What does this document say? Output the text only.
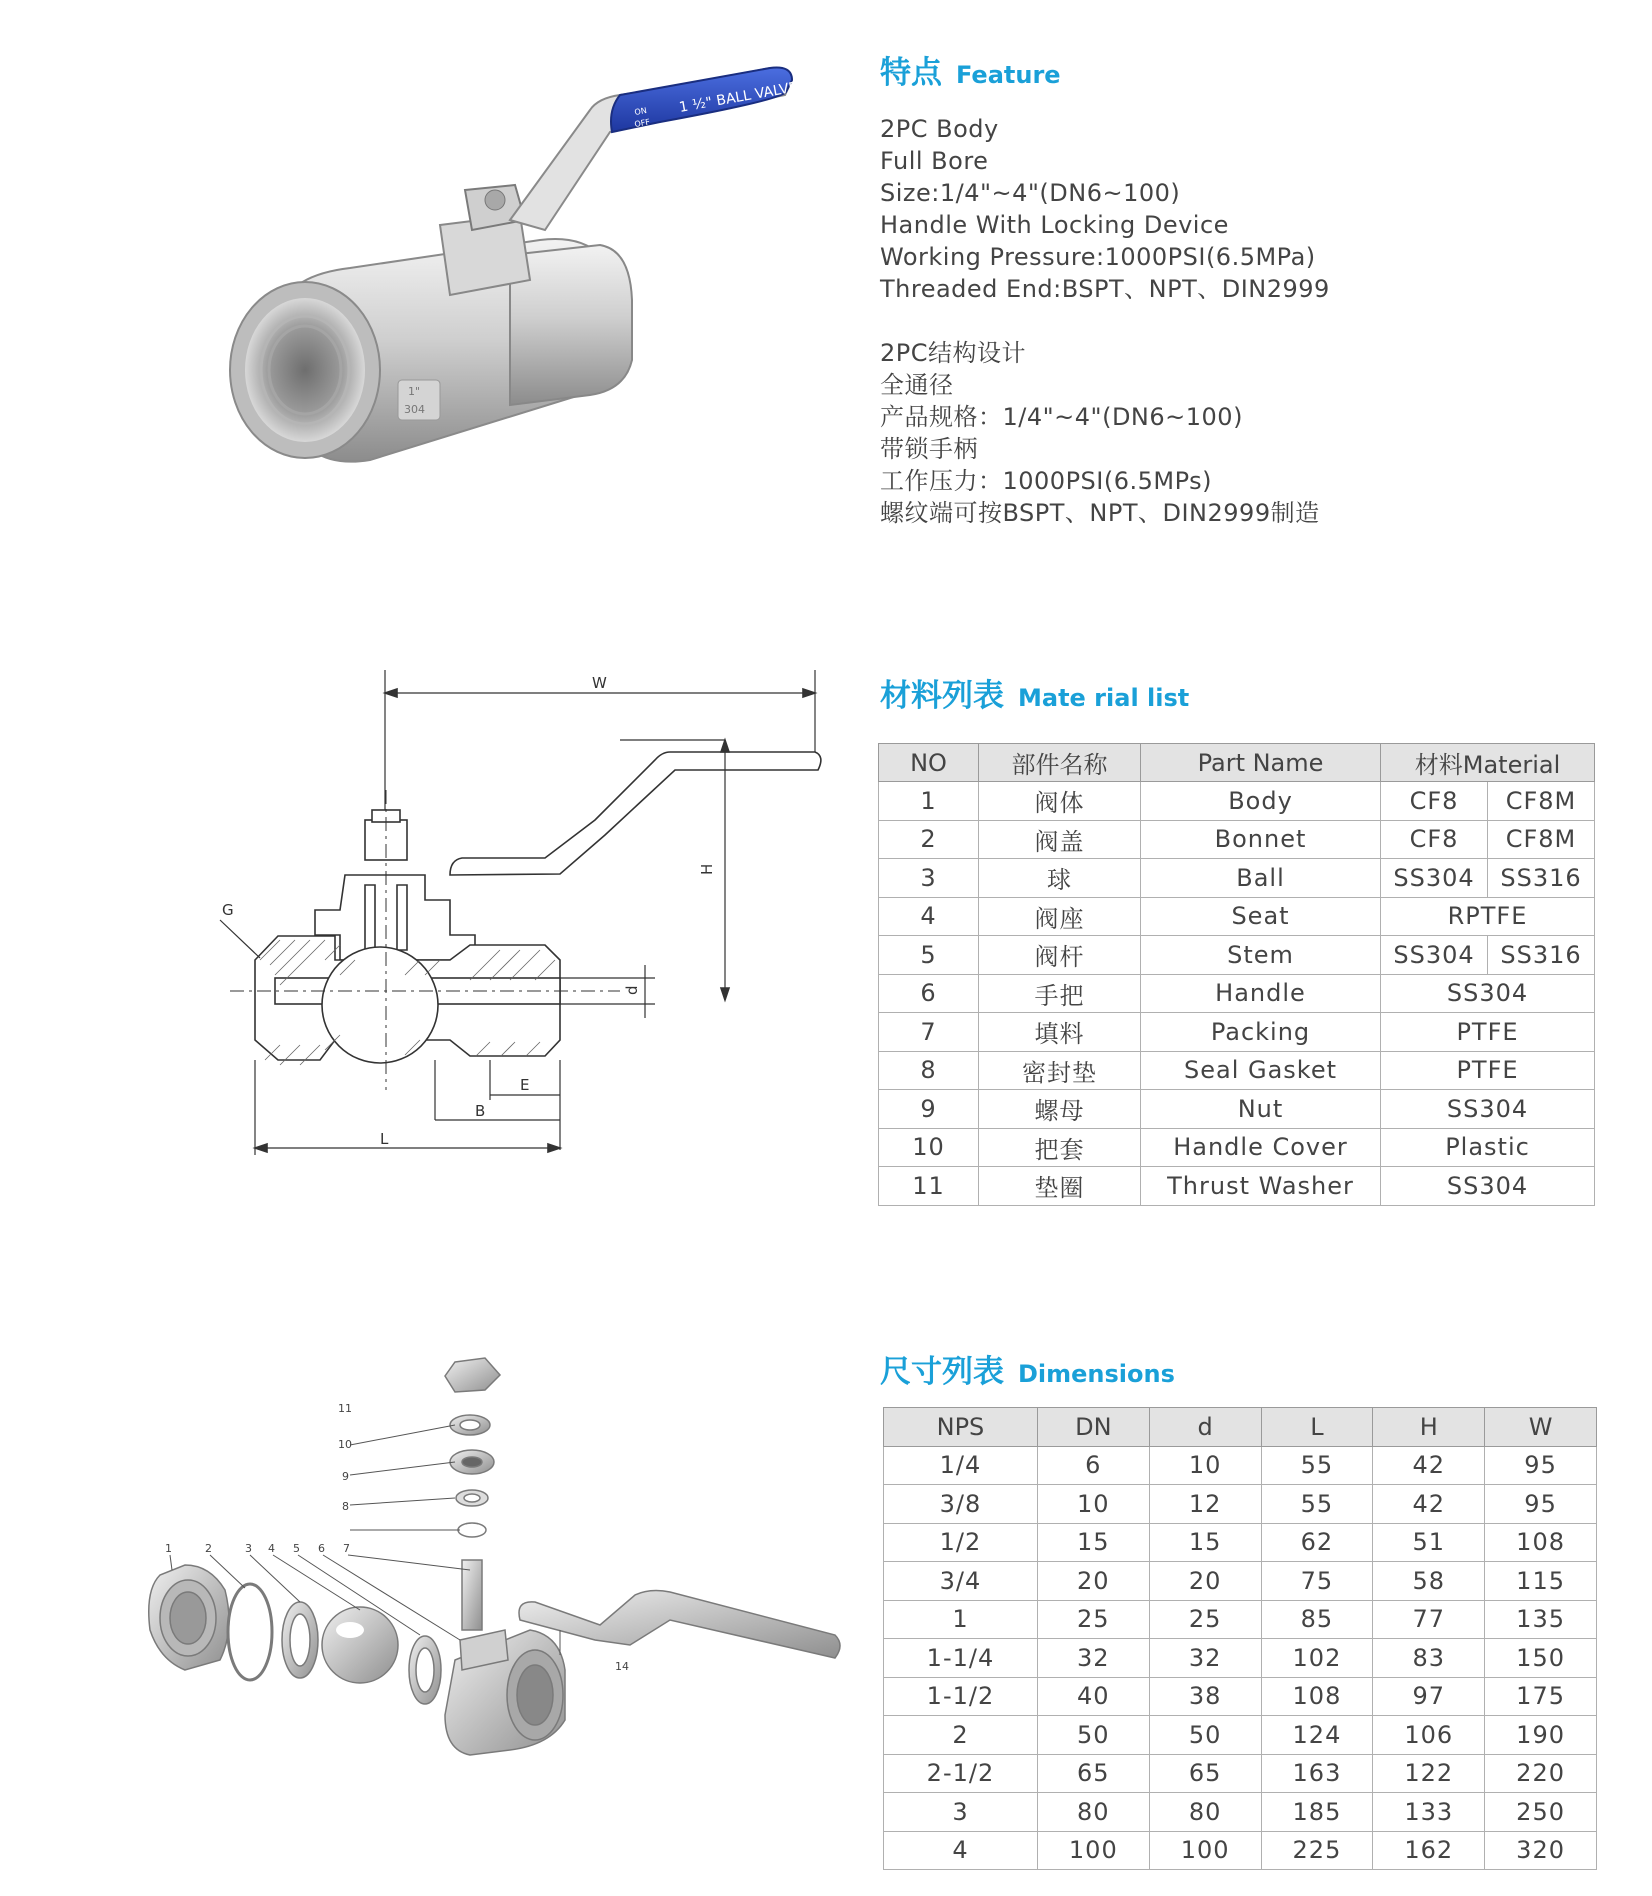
1 ½" BALL VALVE
ON
OFF
1"
304
特点 Feature
2PC Body
Full Bore
Size:1/4"~4"(DN6~100)
Handle With Locking Device
Working Pressure:1000PSI(6.5MPa)
Threaded End:BSPT、NPT、DIN2999
2PC结构设计
全通径
产品规格：1/4"~4"(DN6~100)
带锁手柄
工作压力：1000PSI(6.5MPs)
螺纹端可按BSPT、NPT、DIN2999制造
W
H
G
d
E
B
L
材料列表 Mate rial list
NO	部件名称	Part Name	材料Material	
1	阀体	Body	CF8	CF8M
2	阀盖	Bonnet	CF8	CF8M
3	球	Ball	SS304	SS316
4	阀座	Seat	RPTFE	
5	阀杆	Stem	SS304	SS316
6	手把	Handle	SS304	
7	填料	Packing	PTFE	
8	密封垫	Seal Gasket	PTFE	
9	螺母	Nut	SS304	
10	把套	Handle Cover	Plastic	
11	垫圈	Thrust Washer	SS304	
1	2	3 4 5 6 7
8
9
10
11
14
尺寸列表 Dimensions
NPS	DN	d	L	H	W
1/4	6	10	55	42	95
3/8	10	12	55	42	95
1/2	15	15	62	51	108
3/4	20	20	75	58	115
1	25	25	85	77	135
1-1/4	32	32	102	83	150
1-1/2	40	38	108	97	175
2	50	50	124	106	190
2-1/2	65	65	163	122	220
3	80	80	185	133	250
4	100	100	225	162	320
